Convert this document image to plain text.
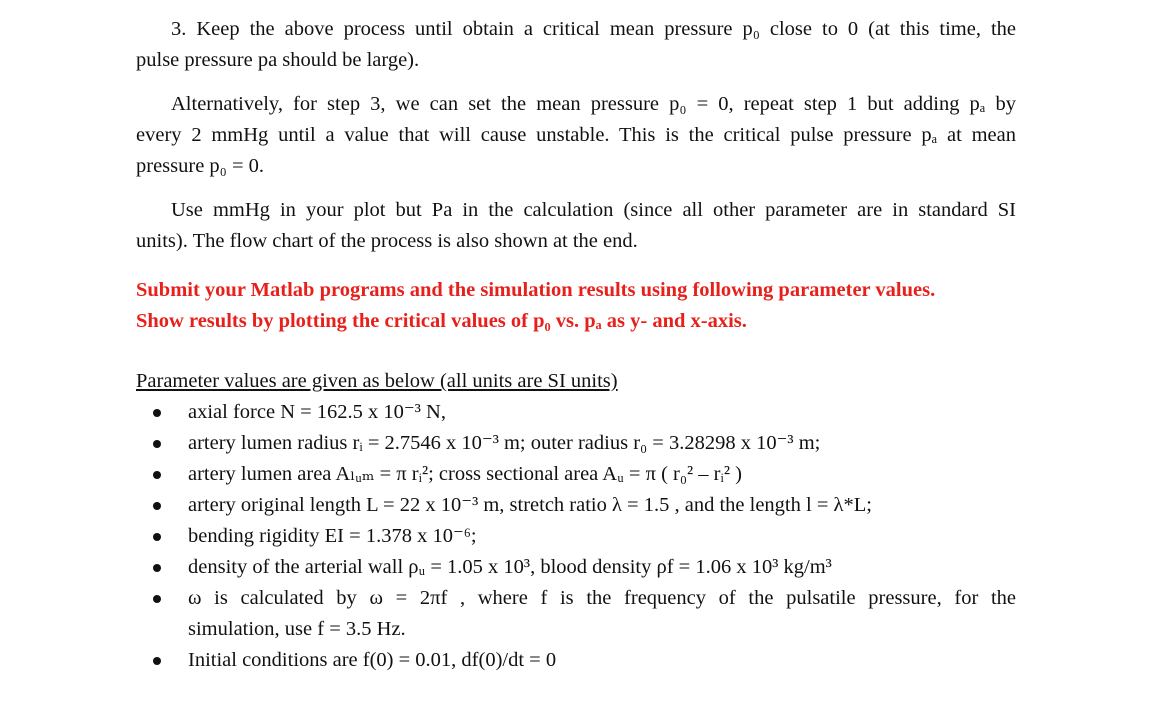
3. Keep the above process until obtain a critical mean pressure p₀ close to 0 (at this time, the
pulse pressure pa should be large).
Alternatively, for step 3, we can set the mean pressure p₀ = 0, repeat step 1 but adding pₐ by
every 2 mmHg until a value that will cause unstable. This is the critical pulse pressure pₐ at mean
pressure p₀ = 0.
Use mmHg in your plot but Pa in the calculation (since all other parameter are in standard SI
units). The flow chart of the process is also shown at the end.
Submit your Matlab programs and the simulation results using following parameter values.
Show results by plotting the critical values of p₀ vs. pₐ as y- and x-axis.
Parameter values are given as below (all units are SI units)
axial force N = 162.5 x 10⁻³ N,
artery lumen radius rᵢ = 2.7546 x 10⁻³ m; outer radius r₀ = 3.28298 x 10⁻³ m;
artery lumen area Aₗᵤₘ = π rᵢ²; cross sectional area Aᵤ = π ( r₀² – rᵢ² )
artery original length L = 22 x 10⁻³ m, stretch ratio λ = 1.5 , and the length l = λ*L;
bending rigidity EI = 1.378 x 10⁻⁶;
density of the arterial wall ρᵤ = 1.05 x 10³, blood density ρf = 1.06 x 10³ kg/m³
ω is calculated by ω = 2πf , where f is the frequency of the pulsatile pressure, for the
simulation, use f = 3.5 Hz.
Initial conditions are f(0) = 0.01, df(0)/dt = 0
